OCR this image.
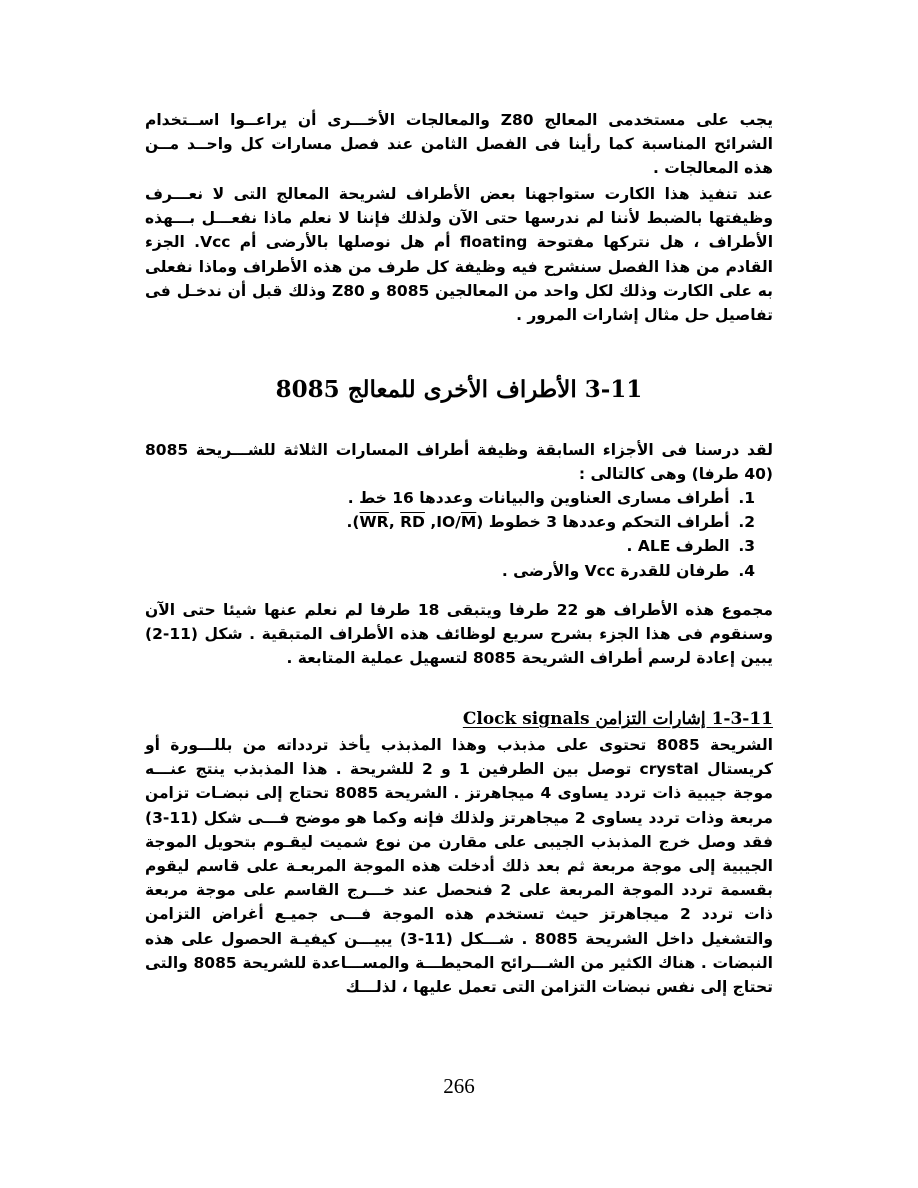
يجب على مستخدمى المعالج Z80 والمعالجات الأخـــرى أن يراعــوا اســتخدام الشرائح المناسبة كما رأينا فى الفصل الثامن عند فصل مسارات كل واحــد مــن هذه المعالجات .

عند تنفيذ هذا الكارت ستواجهنا بعض الأطراف لشريحة المعالج التى لا نعـــرف وظيفتها بالضبط لأننا لم ندرسها حتى الآن ولذلك فإننا لا نعلم ماذا نفعـــل بـــهذه الأطراف ، هل نتركها مفتوحة floating أم هل نوصلها بالأرضى أم Vcc. الجزء القادم من هذا الفصل سنشرح فيه وظيفة كل طرف من هذه الأطراف وماذا نفعلى به على الكارت وذلك لكل واحد من المعالجين 8085 و Z80 وذلك قبل أن ندخـل فى تفاصيل حل مثال إشارات المرور .

3-11 الأطراف الأخرى للمعالج 8085

لقد درسنا فى الأجزاء السابقة وظيفة أطراف المسارات الثلاثة للشـــريحة 8085 (40 طرفا) وهى كالتالى :

1. أطراف مسارى العناوين والبيانات وعددها 16 خط .
2. أطراف التحكم وعددها 3 خطوط ($\overline{WR}$, $\overline{RD}$ $,IO/\overline{M}$).
3. الطرف ALE .
4. طرفان للقدرة Vcc والأرضى .

مجموع هذه الأطراف هو 22 طرفا ويتبقى 18 طرفا لم نعلم عنها شيئا حتى الآن وسنقوم فى هذا الجزء بشرح سريع لوظائف هذه الأطراف المتبقية . شكل (11-2) يبين إعادة لرسم أطراف الشريحة 8085 لتسهيل عملية المتابعة .

1-3-11 إشارات التزامن Clock signals

الشريحة 8085 تحتوى على مذبذب وهذا المذبذب يأخذ تردداته من بللـــورة أو كريستال crystal توصل بين الطرفين 1 و 2 للشريحة . هذا المذبذب ينتج عنـــه موجة جيبية ذات تردد يساوى 4 ميجاهرتز . الشريحة 8085 تحتاج إلى نبضـات تزامن مربعة وذات تردد يساوى 2 ميجاهرتز ولذلك فإنه وكما هو موضح فـــى شكل (11-3) فقد وصل خرج المذبذب الجيبى على مقارن من نوع شميت ليقـوم بتحويل الموجة الجيبية إلى موجة مربعة ثم بعد ذلك أدخلت هذه الموجة المربعـة على قاسم ليقوم بقسمة تردد الموجة المربعة على 2 فنحصل عند خـــرج القاسم على موجة مربعة ذات تردد 2 ميجاهرتز حيث تستخدم هذه الموجة فـــى جميـع أغراض التزامن والتشغيل داخل الشريحة 8085 . شـــكل (11-3) يبيـــن كيفيـة الحصول على هذه النبضات . هناك الكثير من الشـــرائح المحيطـــة والمســـاعدة للشريحة 8085 والتى تحتاج إلى نفس نبضات التزامن التى تعمل عليها ، لذلـــك

266
